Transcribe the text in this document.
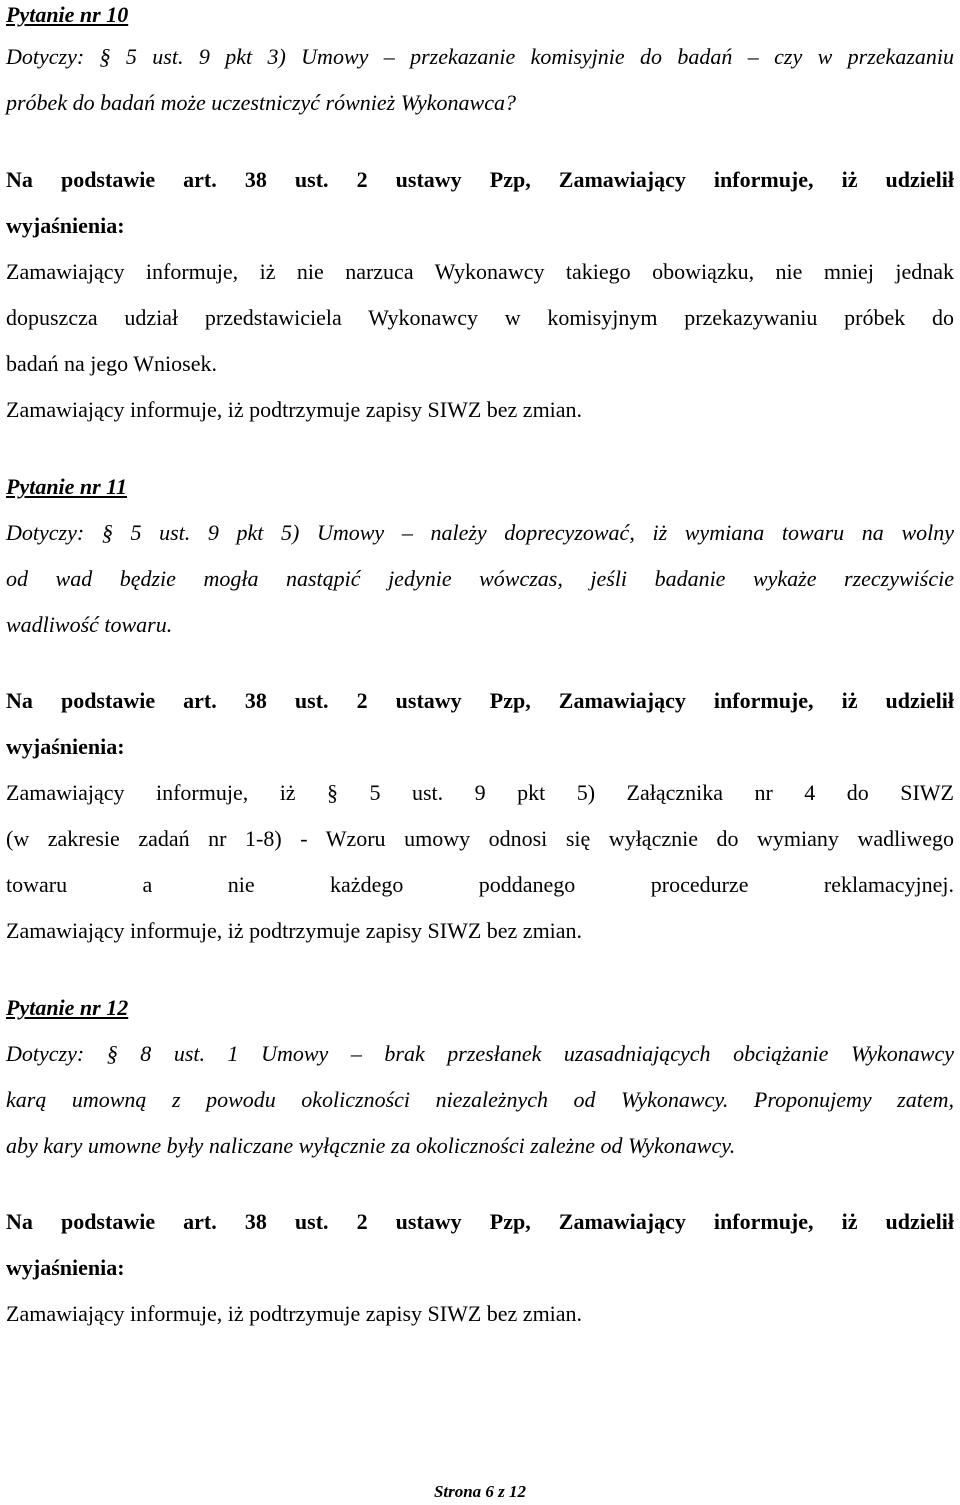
Pytanie nr 10
Dotyczy: § 5 ust. 9 pkt 3) Umowy – przekazanie komisyjnie do badań – czy w przekazaniu
próbek do badań może uczestniczyć również Wykonawca?
Na podstawie art. 38 ust. 2 ustawy Pzp, Zamawiający informuje, iż udzielił
wyjaśnienia:
Zamawiający informuje, iż nie narzuca Wykonawcy takiego obowiązku, nie mniej jednak
dopuszcza udział przedstawiciela Wykonawcy w komisyjnym przekazywaniu próbek do
badań na jego Wniosek.
Zamawiający informuje, iż podtrzymuje zapisy SIWZ bez zmian.
Pytanie nr 11
Dotyczy: § 5 ust. 9 pkt 5) Umowy – należy doprecyzować, iż wymiana towaru na wolny
od wad będzie mogła nastąpić jedynie wówczas, jeśli badanie wykaże rzeczywiście
wadliwość towaru.
Na podstawie art. 38 ust. 2 ustawy Pzp, Zamawiający informuje, iż udzielił
wyjaśnienia:
Zamawiający informuje, iż § 5 ust. 9 pkt 5) Załącznika nr 4 do SIWZ
(w zakresie zadań nr 1-8) - Wzoru umowy odnosi się wyłącznie do wymiany wadliwego
towaru a nie każdego poddanego procedurze reklamacyjnej.
Zamawiający informuje, iż podtrzymuje zapisy SIWZ bez zmian.
Pytanie nr 12
Dotyczy: § 8 ust. 1 Umowy – brak przesłanek uzasadniających obciążanie Wykonawcy
karą umowną z powodu okoliczności niezależnych od Wykonawcy. Proponujemy zatem,
aby kary umowne były naliczane wyłącznie za okoliczności zależne od Wykonawcy.
Na podstawie art. 38 ust. 2 ustawy Pzp, Zamawiający informuje, iż udzielił
wyjaśnienia:
Zamawiający informuje, iż podtrzymuje zapisy SIWZ bez zmian.
Strona 6 z 12
